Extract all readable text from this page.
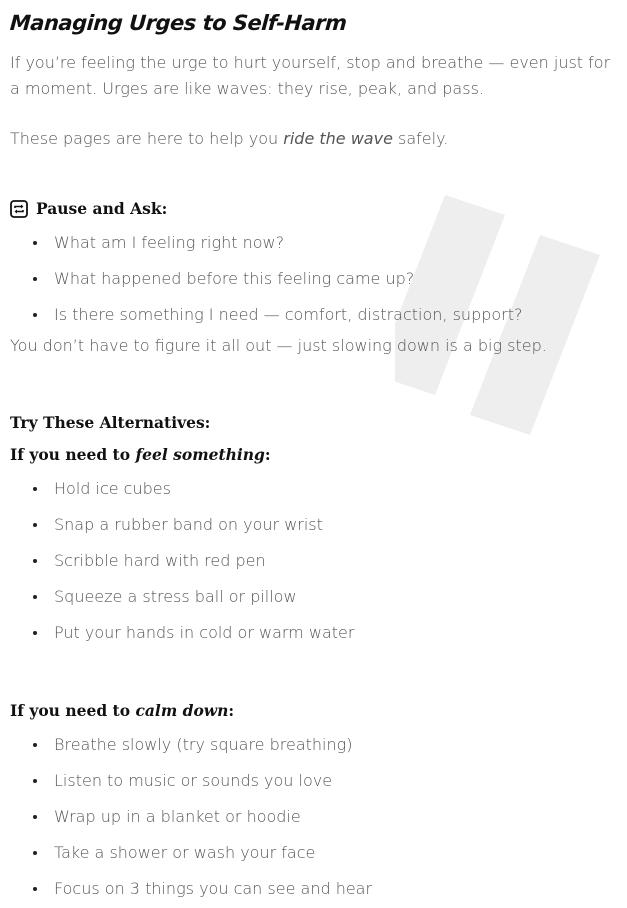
Managing Urges to Self-Harm

If you’re feeling the urge to hurt yourself, stop and breathe — even just for a moment. Urges are like waves: they rise, peak, and pass.

These pages are here to help you ride the wave safely.

Pause and Ask:
What am I feeling right now?
What happened before this feeling came up?
Is there something I need — comfort, distraction, support?

You don’t have to figure it all out — just slowing down is a big step.

Try These Alternatives:
If you need to feel something:
Hold ice cubes
Snap a rubber band on your wrist
Scribble hard with red pen
Squeeze a stress ball or pillow
Put your hands in cold or warm water
If you need to calm down:
Breathe slowly (try square breathing)
Listen to music or sounds you love
Wrap up in a blanket or hoodie
Take a shower or wash your face
Focus on 3 things you can see and hear
